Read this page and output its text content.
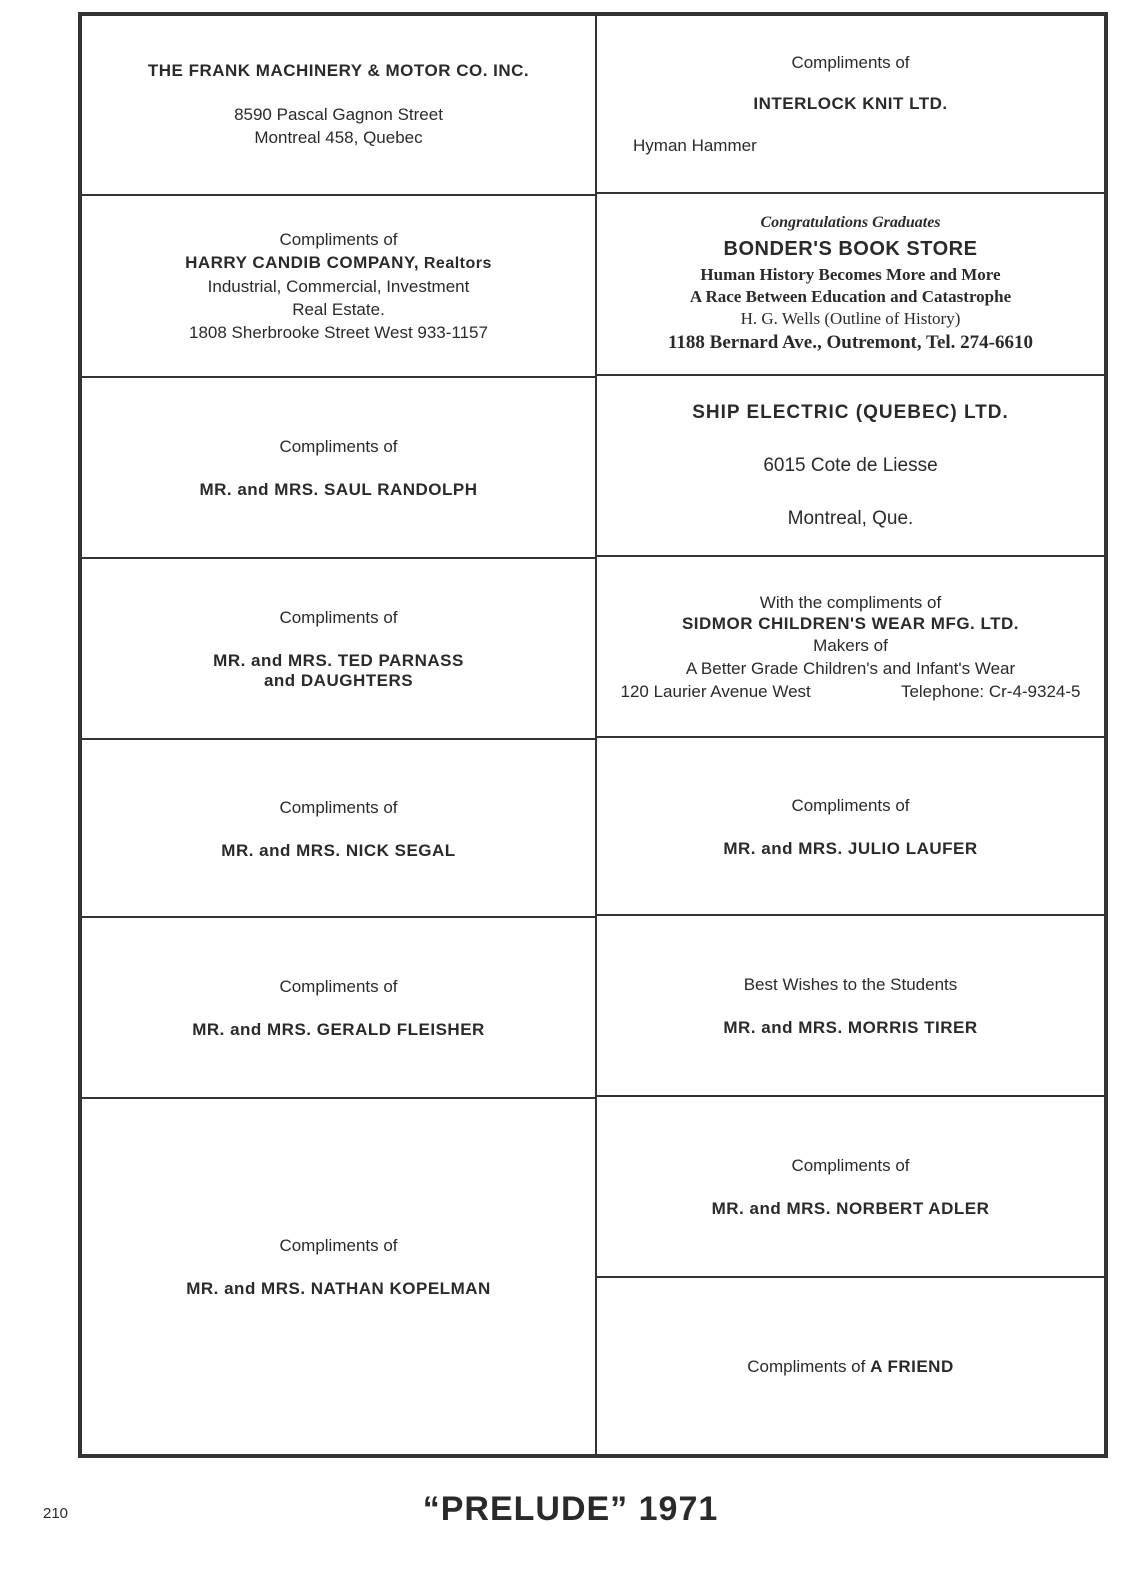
THE FRANK MACHINERY & MOTOR CO. INC.
8590 Pascal Gagnon Street
Montreal 458, Quebec
Compliments of
INTERLOCK KNIT LTD.
Hyman Hammer
Compliments of
HARRY CANDIB COMPANY, Realtors
Industrial, Commercial, Investment
Real Estate.
1808 Sherbrooke Street West 933-1157
Congratulations Graduates
BONDER'S BOOK STORE
Human History Becomes More and More
A Race Between Education and Catastrophe
H. G. Wells (Outline of History)
1188 Bernard Ave., Outremont, Tel. 274-6610
Compliments of
MR. and MRS. SAUL RANDOLPH
SHIP ELECTRIC (QUEBEC) LTD.
6015 Cote de Liesse
Montreal, Que.
Compliments of
MR. and MRS. TED PARNASS
and DAUGHTERS
With the compliments of
SIDMOR CHILDREN'S WEAR MFG. LTD.
Makers of
A Better Grade Children's and Infant's Wear
120 Laurier Avenue West	Telephone: Cr-4-9324-5
Compliments of
MR. and MRS. NICK SEGAL
Compliments of
MR. and MRS. JULIO LAUFER
Compliments of
MR. and MRS. GERALD FLEISHER
Best Wishes to the Students
MR. and MRS. MORRIS TIRER
Compliments of
MR. and MRS. NATHAN KOPELMAN
Compliments of
MR. and MRS. NORBERT ADLER
Compliments of A FRIEND
210	“PRELUDE” 1971
